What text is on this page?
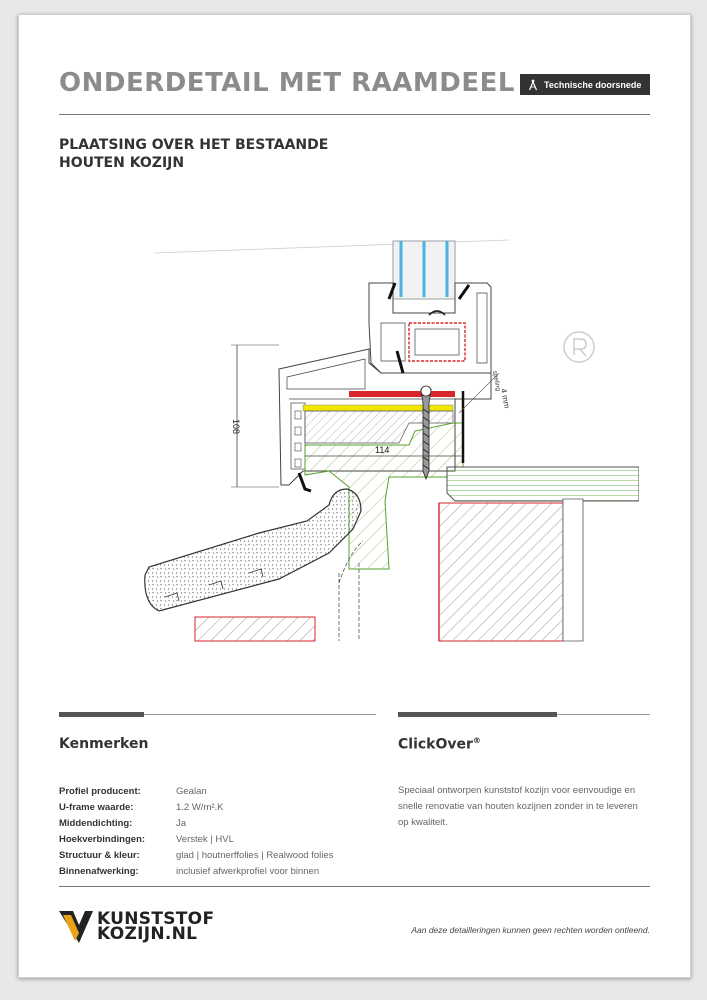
ONDERDETAIL MET RAAMDEEL	Technische doorsnede
PLAATSING OVER HET BESTAANDE
HOUTEN KOZIJN
108
114
speling
4 mm
Kenmerken	ClickOver®
Profiel producent:	Gealan
U-frame waarde:	1.2 W/m².K
Middendichting:	Ja
Hoekverbindingen:	Verstek | HVL
Structuur & kleur:	glad | houtnerffolies | Realwood folies
Binnenafwerking:	inclusief afwerkprofiel voor binnen
Speciaal ontworpen kunststof kozijn voor eenvoudige en snelle renovatie van houten kozijnen zonder in te leveren op kwaliteit.
KUNSTSTOF
KOZIJN.NL	Aan deze detailleringen kunnen geen rechten worden ontleend.
